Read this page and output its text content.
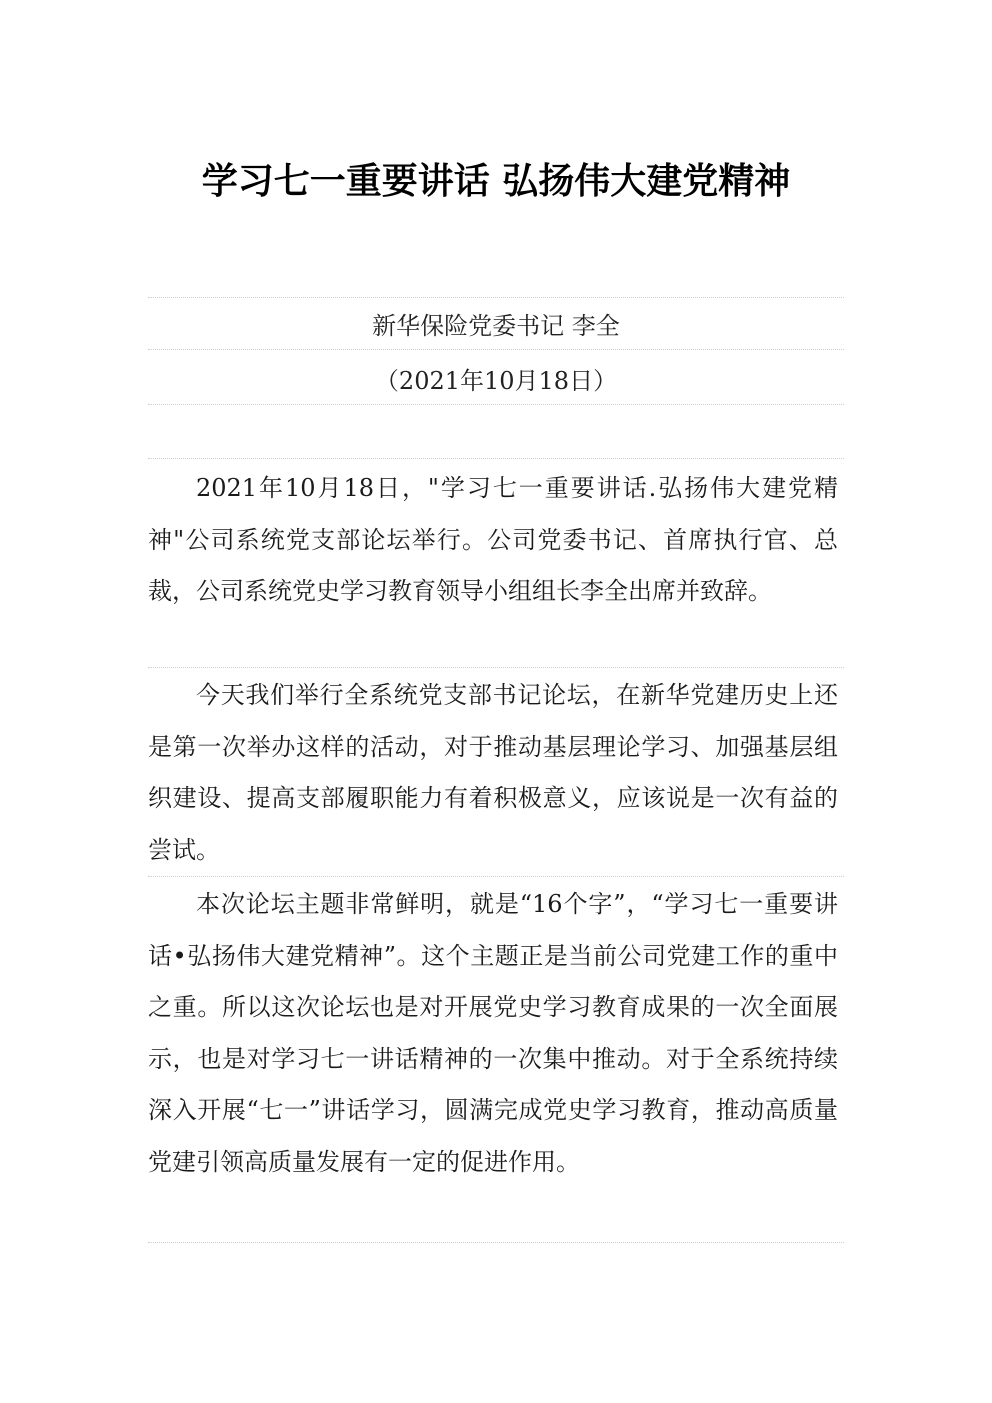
学习七一重要讲话 弘扬伟大建党精神
新华保险党委书记 李全
（2021年10月18日）

2021年10月18日，"学习七一重要讲话.弘扬伟大建党精神"公司系统党支部论坛举行。公司党委书记、首席执行官、总裁，公司系统党史学习教育领导小组组长李全出席并致辞。

今天我们举行全系统党支部书记论坛，在新华党建历史上还是第一次举办这样的活动，对于推动基层理论学习、加强基层组织建设、提高支部履职能力有着积极意义，应该说是一次有益的尝试。

本次论坛主题非常鲜明，就是“16个字”，“学习七一重要讲话•弘扬伟大建党精神”。这个主题正是当前公司党建工作的重中之重。所以这次论坛也是对开展党史学习教育成果的一次全面展示，也是对学习七一讲话精神的一次集中推动。对于全系统持续深入开展“七一”讲话学习，圆满完成党史学习教育，推动高质量党建引领高质量发展有一定的促进作用。
